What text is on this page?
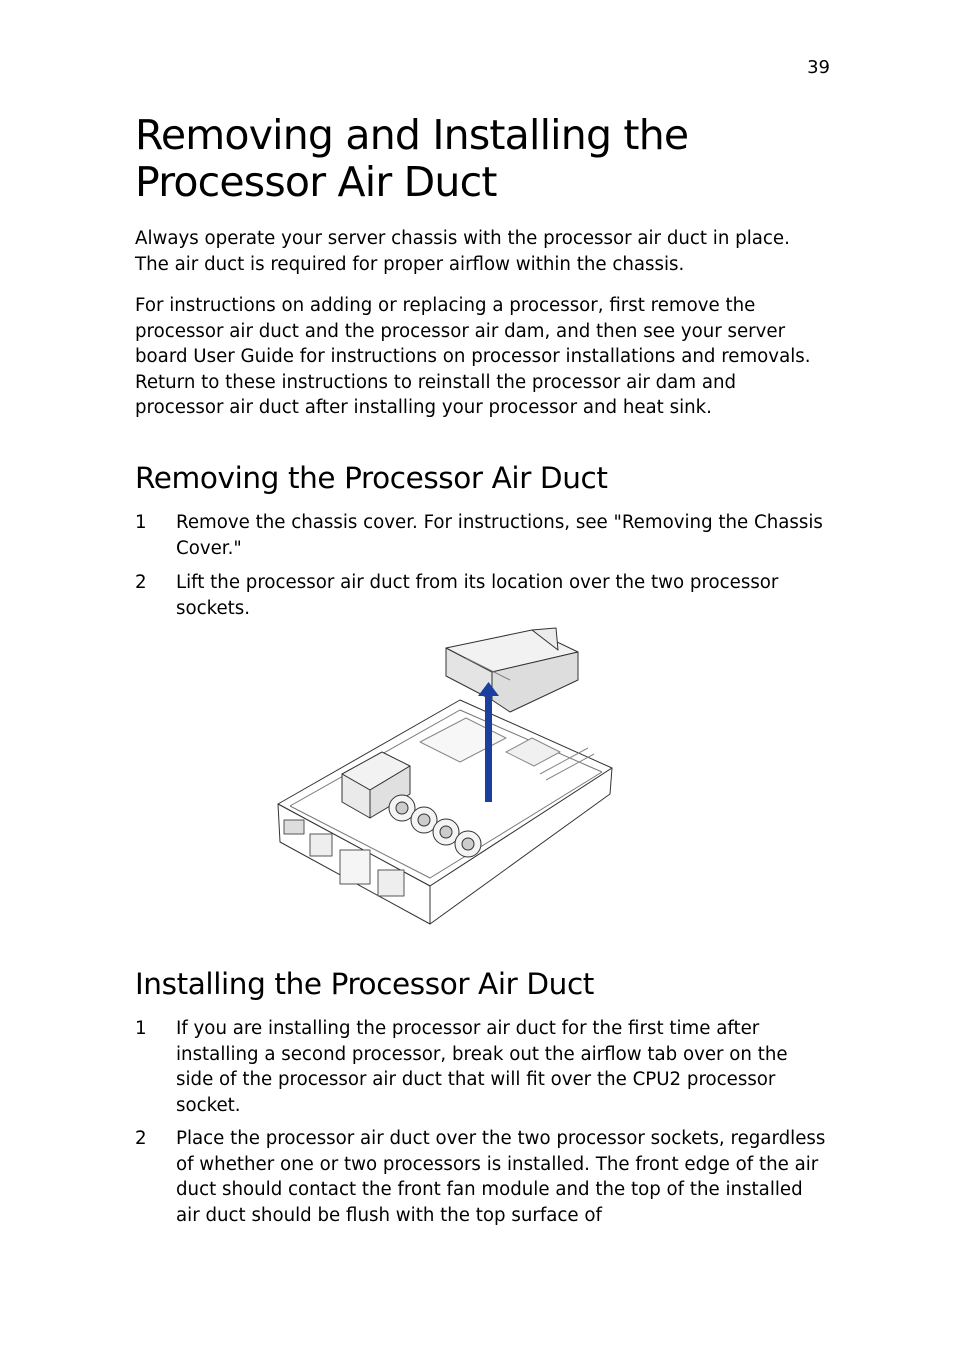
39
Removing and Installing the Processor Air Duct

Always operate your server chassis with the processor air duct in place. The air duct is required for proper airflow within the chassis.

For instructions on adding or replacing a processor, first remove the processor air duct and the processor air dam, and then see your server board User Guide for instructions on processor installations and removals. Return to these instructions to reinstall the processor air dam and processor air duct after installing your processor and heat sink.

Removing the Processor Air Duct
1	Remove the chassis cover. For instructions, see "Removing the Chassis Cover."
2	Lift the processor air duct from its location over the two processor sockets.
Installing the Processor Air Duct
1	If you are installing the processor air duct for the first time after installing a second processor, break out the airflow tab over on the side of the processor air duct that will fit over the CPU2 processor socket.
2	Place the processor air duct over the two processor sockets, regardless of whether one or two processors is installed. The front edge of the air duct should contact the front fan module and the top of the installed air duct should be flush with the top surface of
